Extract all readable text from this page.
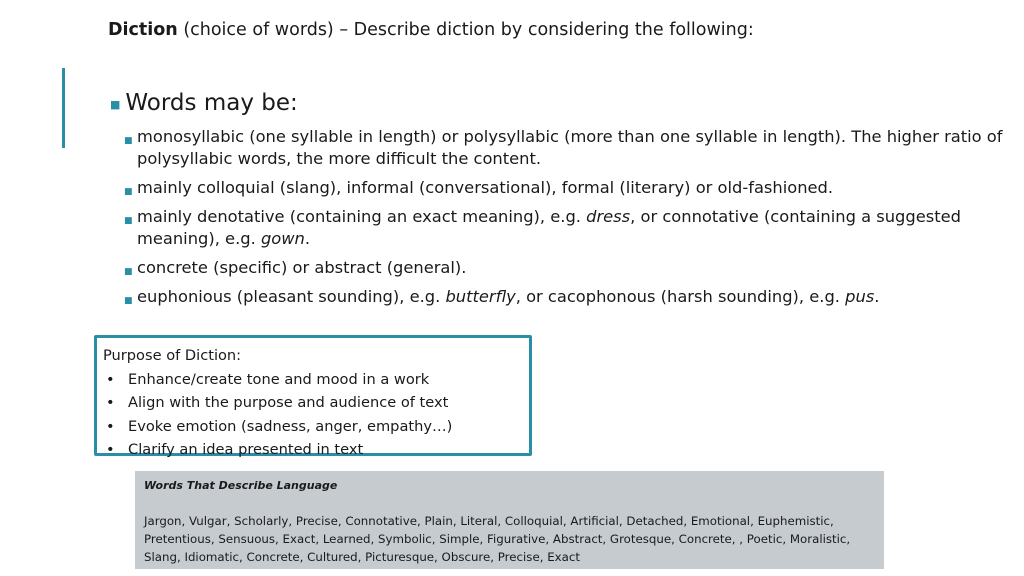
Diction (choice of words) – Describe diction by considering the following:
■ Words may be:
■ monosyllabic (one syllable in length) or polysyllabic (more than one syllable in length). The higher ratio of polysyllabic words, the more difficult the content.
■ mainly colloquial (slang), informal (conversational), formal (literary) or old-fashioned.
■ mainly denotative (containing an exact meaning), e.g. dress, or connotative (containing a suggested meaning), e.g. gown.
■ concrete (specific) or abstract (general).
■ euphonious (pleasant sounding), e.g. butterfly, or cacophonous (harsh sounding), e.g. pus.
Purpose of Diction:
• Enhance/create tone and mood in a work
• Align with the purpose and audience of text
• Evoke emotion (sadness, anger, empathy…)
• Clarify an idea presented in text
Words That Describe Language
Jargon, Vulgar, Scholarly, Precise, Connotative, Plain, Literal, Colloquial, Artificial, Detached, Emotional, Euphemistic, Pretentious, Sensuous, Exact, Learned, Symbolic, Simple, Figurative, Abstract, Grotesque, Concrete, , Poetic, Moralistic, Slang, Idiomatic, Concrete, Cultured, Picturesque, Obscure, Precise, Exact
